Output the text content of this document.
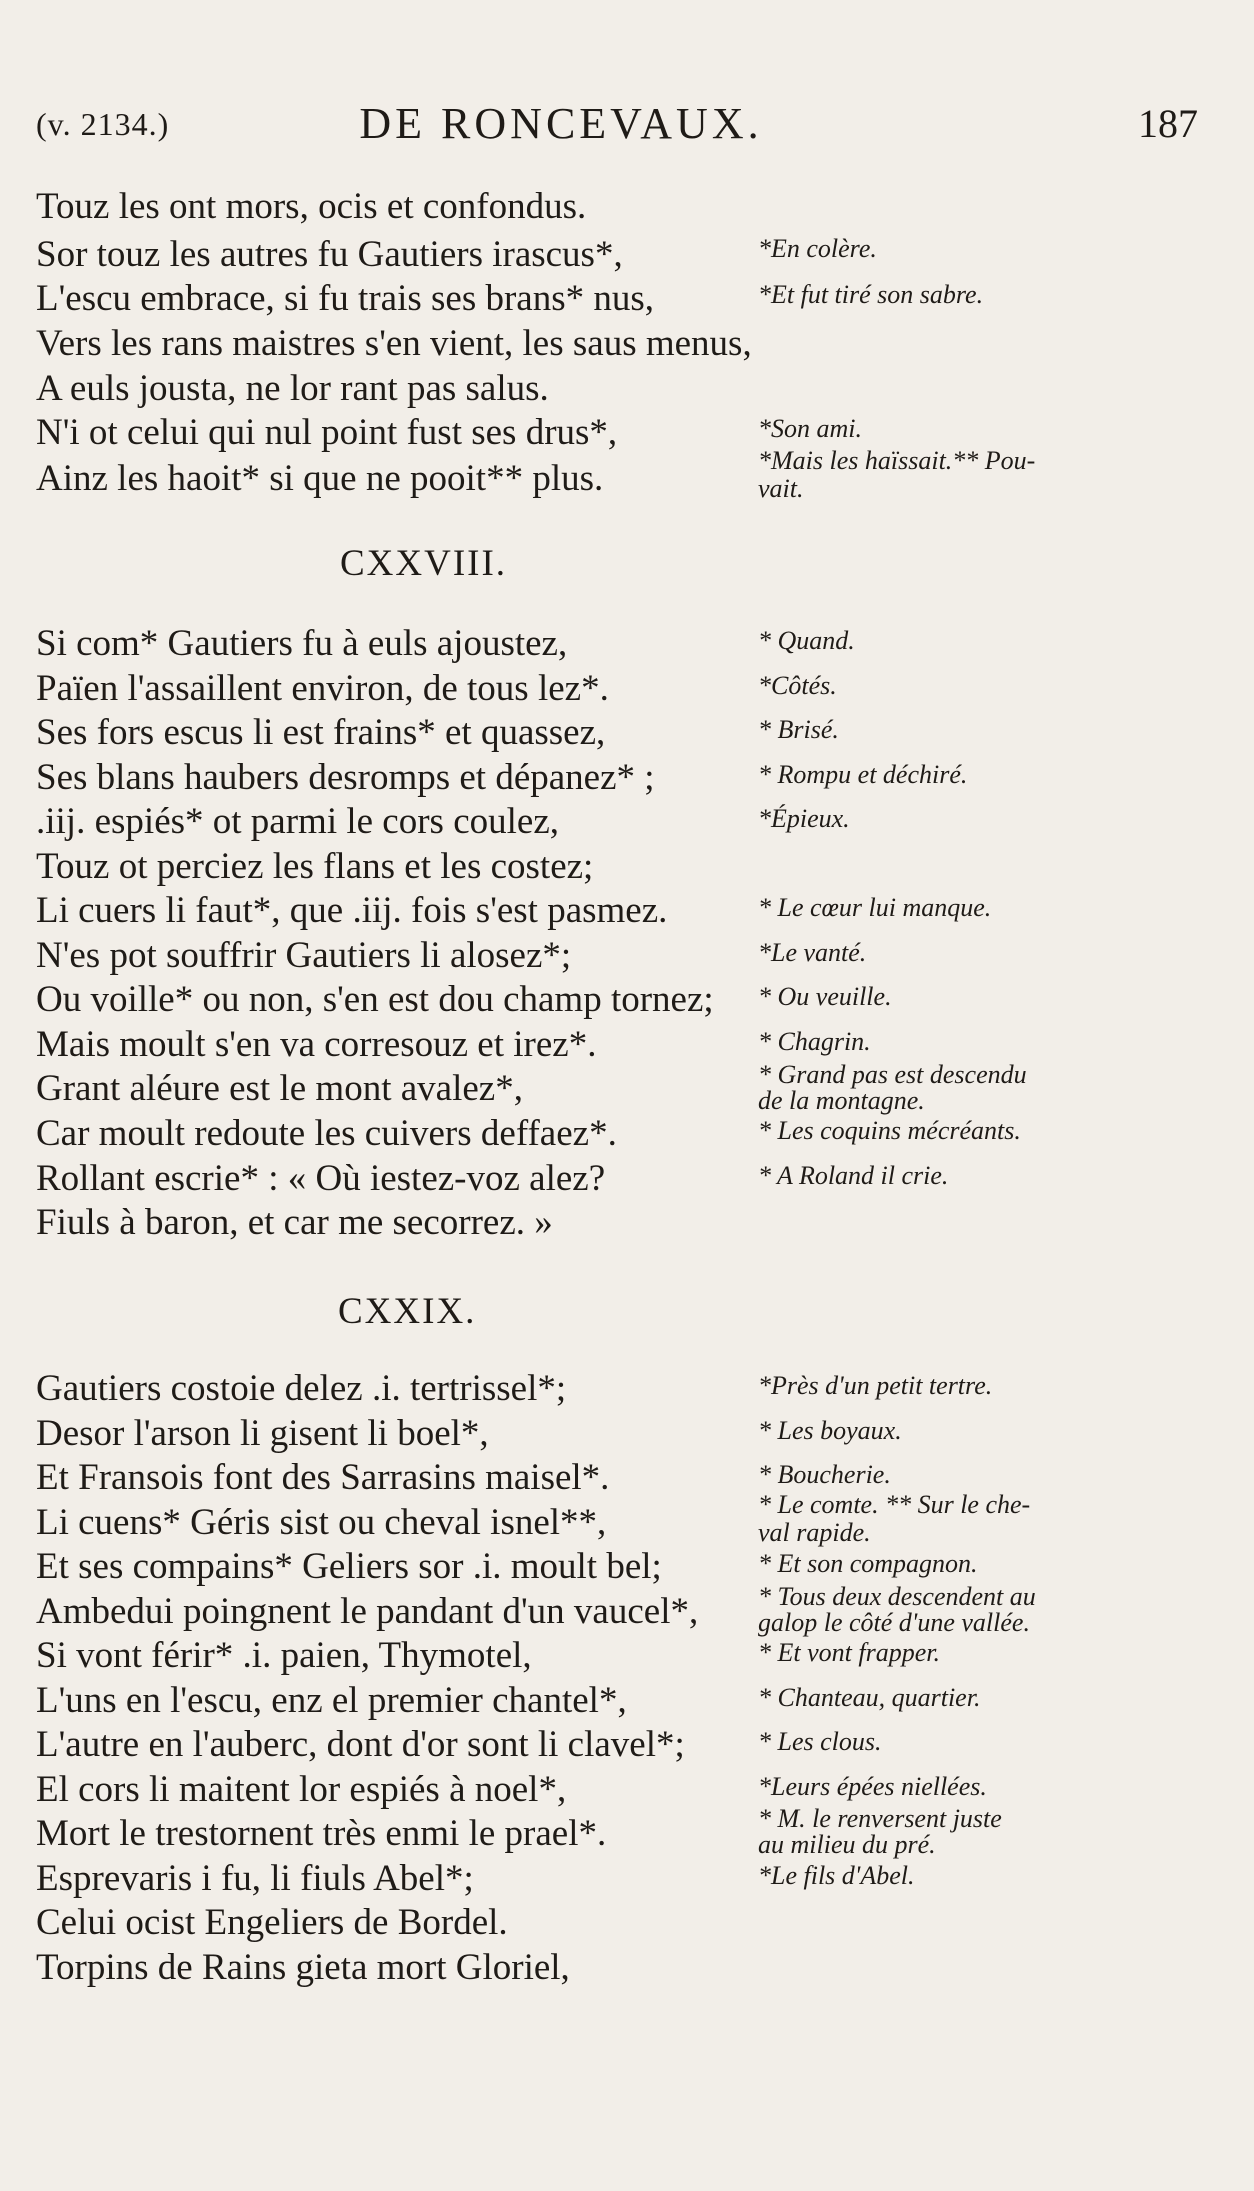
(v. 2134.)	DE RONCEVAUX.	187
Touz les ont mors, ocis et confondus.
Sor touz les autres fu Gautiers irascus*,
L'escu embrace, si fu trais ses brans* nus,
Vers les rans maistres s'en vient, les saus menus,
A euls jousta, ne lor rant pas salus.
N'i ot celui qui nul point fust ses drus*,
Ainz les haoit* si que ne pooit** plus.
*En colère.
*Et fut tiré son sabre.
*Son ami.
*Mais les haïssait.** Pou-
vait.
CXXVIII.
Si com* Gautiers fu à euls ajoustez,
Païen l'assaillent environ, de tous lez*.
Ses fors escus li est frains* et quassez,
Ses blans haubers desromps et dépanez* ;
.iij. espiés* ot parmi le cors coulez,
Touz ot perciez les flans et les costez;
Li cuers li faut*, que .iij. fois s'est pasmez.
N'es pot souffrir Gautiers li alosez*;
Ou voille* ou non, s'en est dou champ tornez;
Mais moult s'en va corresouz et irez*.
Grant aléure est le mont avalez*,
Car moult redoute les cuivers deffaez*.
Rollant escrie* : « Où iestez-voz alez?
Fiuls à baron, et car me secorrez. »
* Quand.
*Côtés.
* Brisé.
* Rompu et déchiré.
*Épieux.
* Le cœur lui manque.
*Le vanté.
* Ou veuille.
* Chagrin.
* Grand pas est descendu
de la montagne.
* Les coquins mécréants.
* A Roland il crie.
CXXIX.
Gautiers costoie delez .i. tertrissel*;
Desor l'arson li gisent li boel*,
Et Fransois font des Sarrasins maisel*.
Li cuens* Géris sist ou cheval isnel**,
Et ses compains* Geliers sor .i. moult bel;
Ambedui poingnent le pandant d'un vaucel*,
Si vont férir* .i. paien, Thymotel,
L'uns en l'escu, enz el premier chantel*,
L'autre en l'auberc, dont d'or sont li clavel*;
El cors li maitent lor espiés à noel*,
Mort le trestornent très enmi le prael*.
Esprevaris i fu, li fiuls Abel*;
Celui ocist Engeliers de Bordel.
Torpins de Rains gieta mort Gloriel,
*Près d'un petit tertre.
* Les boyaux.
* Boucherie.
* Le comte. ** Sur le che-
val rapide.
* Et son compagnon.
* Tous deux descendent au
galop le côté d'une vallée.
* Et vont frapper.
* Chanteau, quartier.
* Les clous.
*Leurs épées niellées.
* M. le renversent juste
au milieu du pré.
*Le fils d'Abel.
